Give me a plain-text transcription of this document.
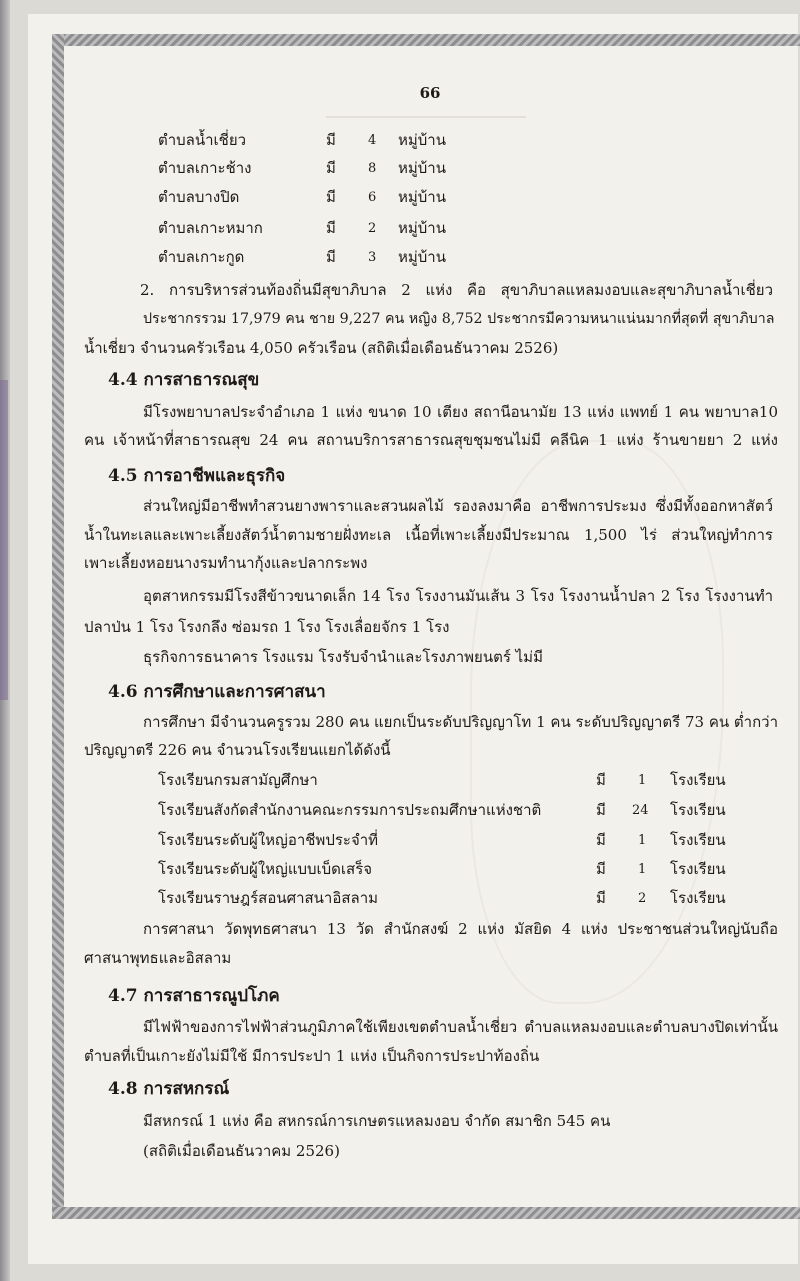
66
ตำบลน้ำเชี่ยว	มี 4 หมู่บ้าน
ตำบลเกาะช้าง	มี 8 หมู่บ้าน
ตำบลบางปิด	มี 6 หมู่บ้าน
ตำบลเกาะหมาก	มี 2 หมู่บ้าน
ตำบลเกาะกูด	มี 3 หมู่บ้าน
2. การบริหารส่วนท้องถิ่นมีสุขาภิบาล 2 แห่ง คือ สุขาภิบาลแหลมงอบและสุขาภิบาลน้ำเชี่ยว
ประชากรรวม 17,979 คน ชาย 9,227 คน หญิง 8,752 ประชากรมีความหนาแน่นมากที่สุดที่ สุขาภิบาล
น้ำเชี่ยว จำนวนครัวเรือน 4,050 ครัวเรือน (สถิติเมื่อเดือนธันวาคม 2526)
4.4 การสาธารณสุข
มีโรงพยาบาลประจำอำเภอ 1 แห่ง ขนาด 10 เตียง สถานีอนามัย 13 แห่ง แพทย์ 1 คน พยาบาล10
คน เจ้าหน้าที่สาธารณสุข 24 คน สถานบริการสาธารณสุขชุมชนไม่มี คลีนิค 1 แห่ง ร้านขายยา 2 แห่ง
4.5 การอาชีพและธุรกิจ
ส่วนใหญ่มีอาชีพทำสวนยางพาราและสวนผลไม้ รองลงมาคือ อาชีพการประมง ซึ่งมีทั้งออกหาสัตว์
น้ำในทะเลและเพาะเลี้ยงสัตว์น้ำตามชายฝั่งทะเล เนื้อที่เพาะเลี้ยงมีประมาณ 1,500 ไร่ ส่วนใหญ่ทำการ
เพาะเลี้ยงหอยนางรมทำนากุ้งและปลากระพง
อุตสาหกรรมมีโรงสีข้าวขนาดเล็ก 14 โรง โรงงานมันเส้น 3 โรง โรงงานน้ำปลา 2 โรง โรงงานทำ
ปลาป่น 1 โรง โรงกลึง ซ่อมรถ 1 โรง โรงเลื่อยจักร 1 โรง
ธุรกิจการธนาคาร โรงแรม โรงรับจำนำและโรงภาพยนตร์ ไม่มี
4.6 การศึกษาและการศาสนา
การศึกษา มีจำนวนครูรวม 280 คน แยกเป็นระดับปริญญาโท 1 คน ระดับปริญญาตรี 73 คน ต่ำกว่า
ปริญญาตรี 226 คน จำนวนโรงเรียนแยกได้ดังนี้
โรงเรียนกรมสามัญศึกษา	มี 1 โรงเรียน
โรงเรียนสังกัดสำนักงานคณะกรรมการประถมศึกษาแห่งชาติ	มี 24 โรงเรียน
โรงเรียนระดับผู้ใหญ่อาชีพประจำที่	มี 1 โรงเรียน
โรงเรียนระดับผู้ใหญ่แบบเบ็ดเสร็จ	มี 1 โรงเรียน
โรงเรียนราษฎร์สอนศาสนาอิสลาม	มี 2 โรงเรียน
การศาสนา วัดพุทธศาสนา 13 วัด สำนักสงฆ์ 2 แห่ง มัสยิด 4 แห่ง ประชาชนส่วนใหญ่นับถือ
ศาสนาพุทธและอิสลาม
4.7 การสาธารณูปโภค
มีไฟฟ้าของการไฟฟ้าส่วนภูมิภาคใช้เพียงเขตตำบลน้ำเชี่ยว ตำบลแหลมงอบและตำบลบางปิดเท่านั้น
ตำบลที่เป็นเกาะยังไม่มีใช้ มีการประปา 1 แห่ง เป็นกิจการประปาท้องถิ่น
4.8 การสหกรณ์
มีสหกรณ์ 1 แห่ง คือ สหกรณ์การเกษตรแหลมงอบ จำกัด สมาชิก 545 คน
(สถิติเมื่อเดือนธันวาคม 2526)
